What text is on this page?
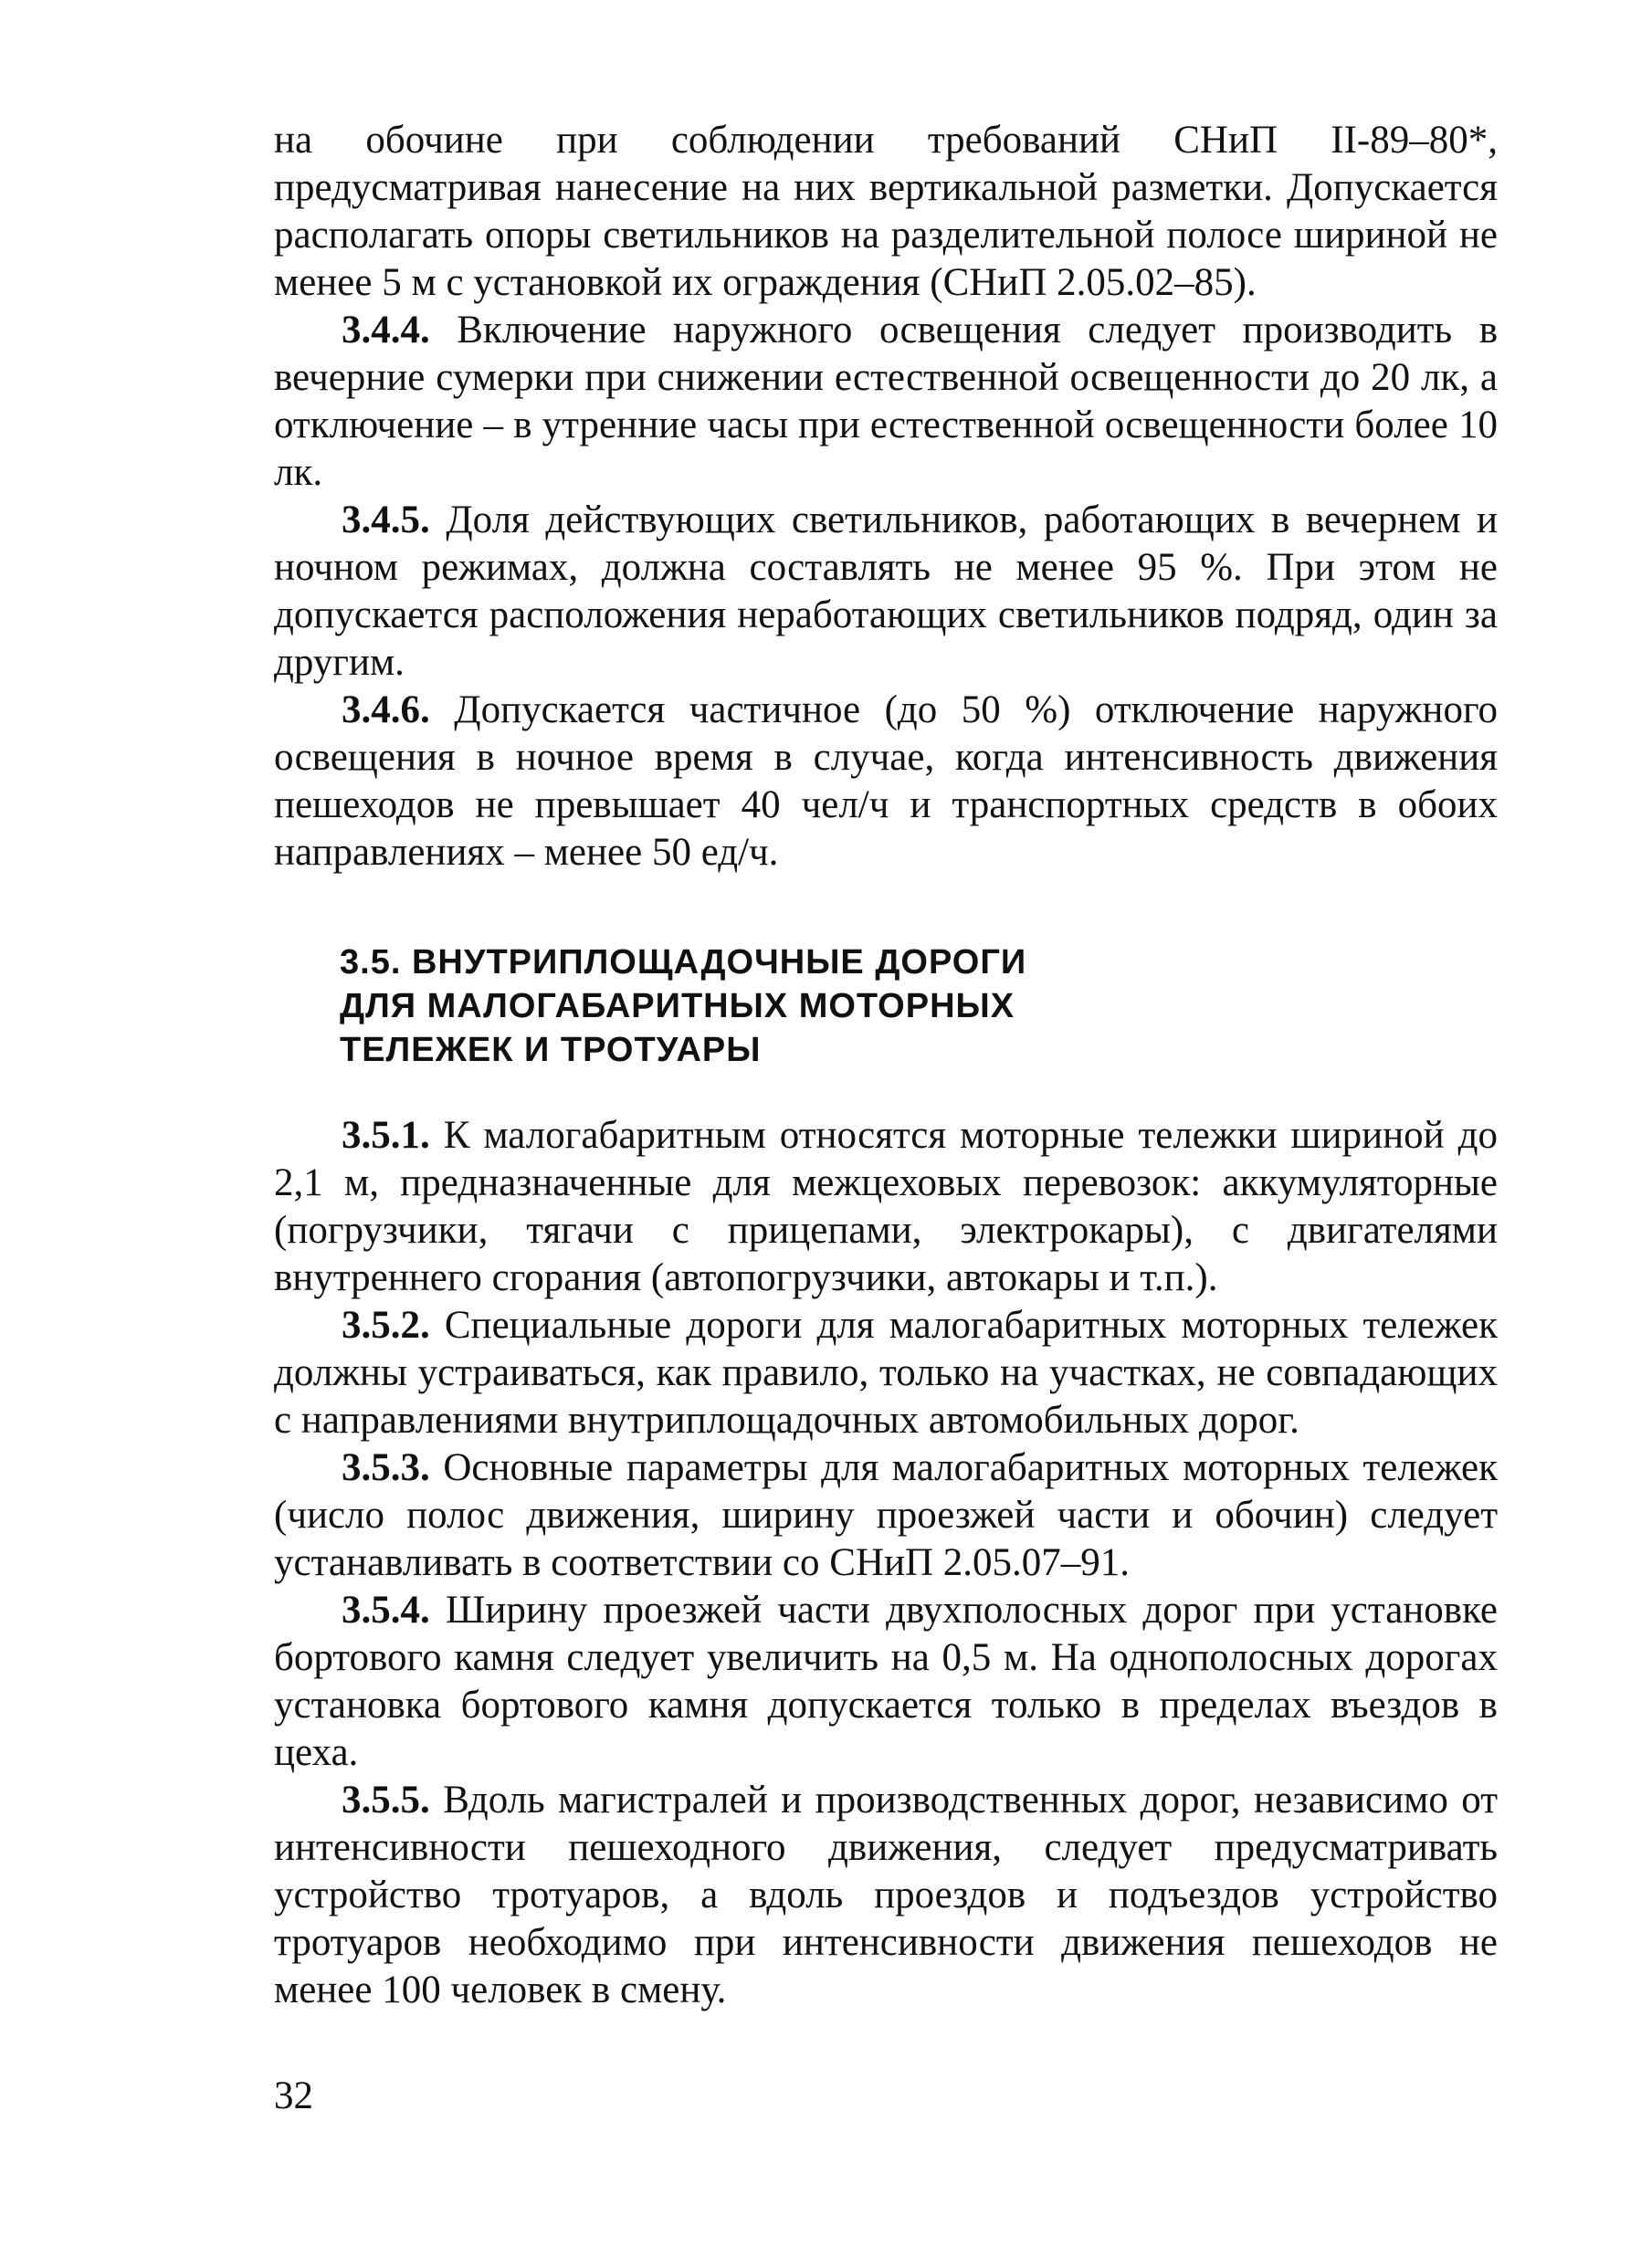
на обочине при соблюдении требований СНиП II-89–80*, предусматривая нанесение на них вертикальной разметки. Допускается располагать опоры светильников на разделительной полосе шириной не менее 5 м с установкой их ограждения (СНиП 2.05.02–85).

3.4.4. Включение наружного освещения следует производить в вечерние сумерки при снижении естественной освещенности до 20 лк, а отключение – в утренние часы при естественной освещенности более 10 лк.

3.4.5. Доля действующих светильников, работающих в вечернем и ночном режимах, должна составлять не менее 95 %. При этом не допускается расположения неработающих светильников подряд, один за другим.

3.4.6. Допускается частичное (до 50 %) отключение наружного освещения в ночное время в случае, когда интенсивность движения пешеходов не превышает 40 чел/ч и транспортных средств в обоих направлениях – менее 50 ед/ч.

3.5. ВНУТРИПЛОЩАДОЧНЫЕ ДОРОГИ
ДЛЯ МАЛОГАБАРИТНЫХ МОТОРНЫХ
ТЕЛЕЖЕК И ТРОТУАРЫ

3.5.1. К малогабаритным относятся моторные тележки шириной до 2,1 м, предназначенные для межцеховых перевозок: аккумуляторные (погрузчики, тягачи с прицепами, электрокары), с двигателями внутреннего сгорания (автопогрузчики, автокары и т.п.).

3.5.2. Специальные дороги для малогабаритных моторных тележек должны устраиваться, как правило, только на участках, не совпадающих с направлениями внутриплощадочных автомобильных дорог.

3.5.3. Основные параметры для малогабаритных моторных тележек (число полос движения, ширину проезжей части и обочин) следует устанавливать в соответствии со СНиП 2.05.07–91.

3.5.4. Ширину проезжей части двухполосных дорог при установке бортового камня следует увеличить на 0,5 м. На однополосных дорогах установка бортового камня допускается только в пределах въездов в цеха.

3.5.5. Вдоль магистралей и производственных дорог, независимо от интенсивности пешеходного движения, следует предусматривать устройство тротуаров, а вдоль проездов и подъездов устройство тротуаров необходимо при интенсивности движения пешеходов не менее 100 человек в смену.

32
